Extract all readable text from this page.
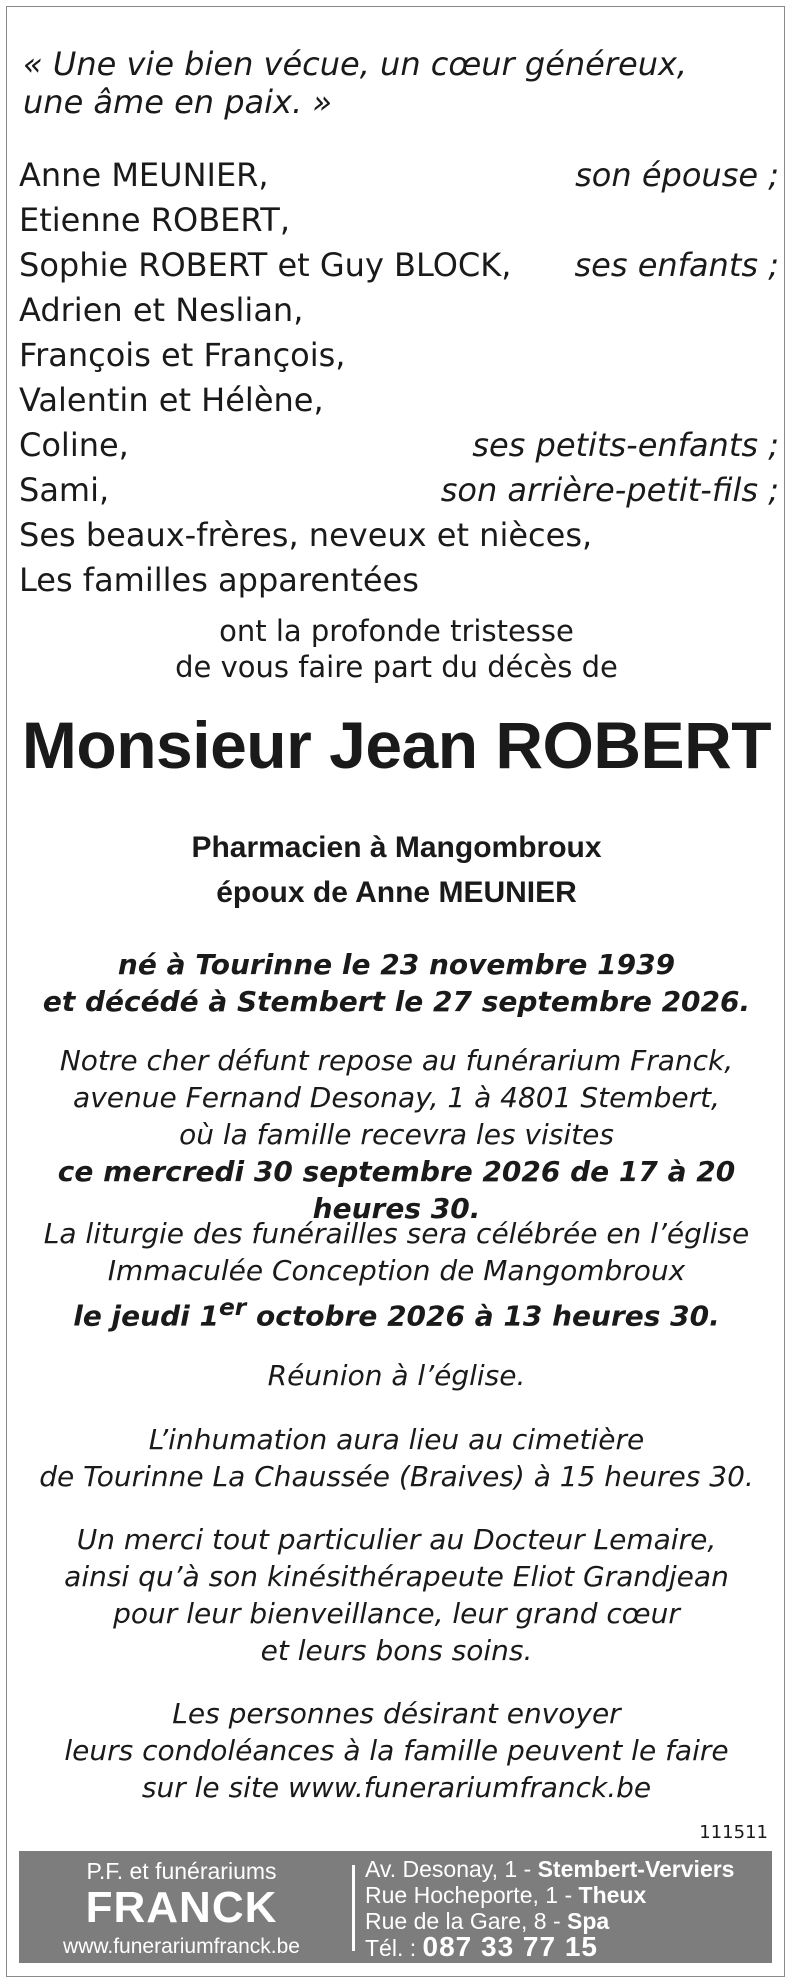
« Une vie bien vécue, un cœur généreux,
une âme en paix. »
Anne MEUNIER,	son épouse ;
Etienne ROBERT,
Sophie ROBERT et Guy BLOCK, ses enfants ;
Adrien et Neslian,
François et François,
Valentin et Hélène,
Coline,	ses petits-enfants ;
Sami,	son arrière-petit-fils ;
Ses beaux-frères, neveux et nièces,
Les familles apparentées
ont la profonde tristesse
de vous faire part du décès de
Monsieur Jean ROBERT
Pharmacien à Mangombroux
époux de Anne MEUNIER
né à Tourinne le 23 novembre 1939
et décédé à Stembert le 27 septembre 2026.
Notre cher défunt repose au funérarium Franck,
avenue Fernand Desonay, 1 à 4801 Stembert,
où la famille recevra les visites
ce mercredi 30 septembre 2026 de 17 à 20 heures 30.
La liturgie des funérailles sera célébrée en l’église
Immaculée Conception de Mangombroux
le jeudi 1er octobre 2026 à 13 heures 30.
Réunion à l’église.
L’inhumation aura lieu au cimetière
de Tourinne La Chaussée (Braives) à 15 heures 30.
Un merci tout particulier au Docteur Lemaire,
ainsi qu’à son kinésithérapeute Eliot Grandjean
pour leur bienveillance, leur grand cœur
et leurs bons soins.
Les personnes désirant envoyer
leurs condoléances à la famille peuvent le faire
sur le site www.funerariumfranck.be
111511
P.F. et funérariums
FRANCK
www.funerariumfranck.be
Av. Desonay, 1 - Stembert-Verviers
Rue Hocheporte, 1 - Theux
Rue de la Gare, 8 - Spa
Tél. : 087 33 77 15
